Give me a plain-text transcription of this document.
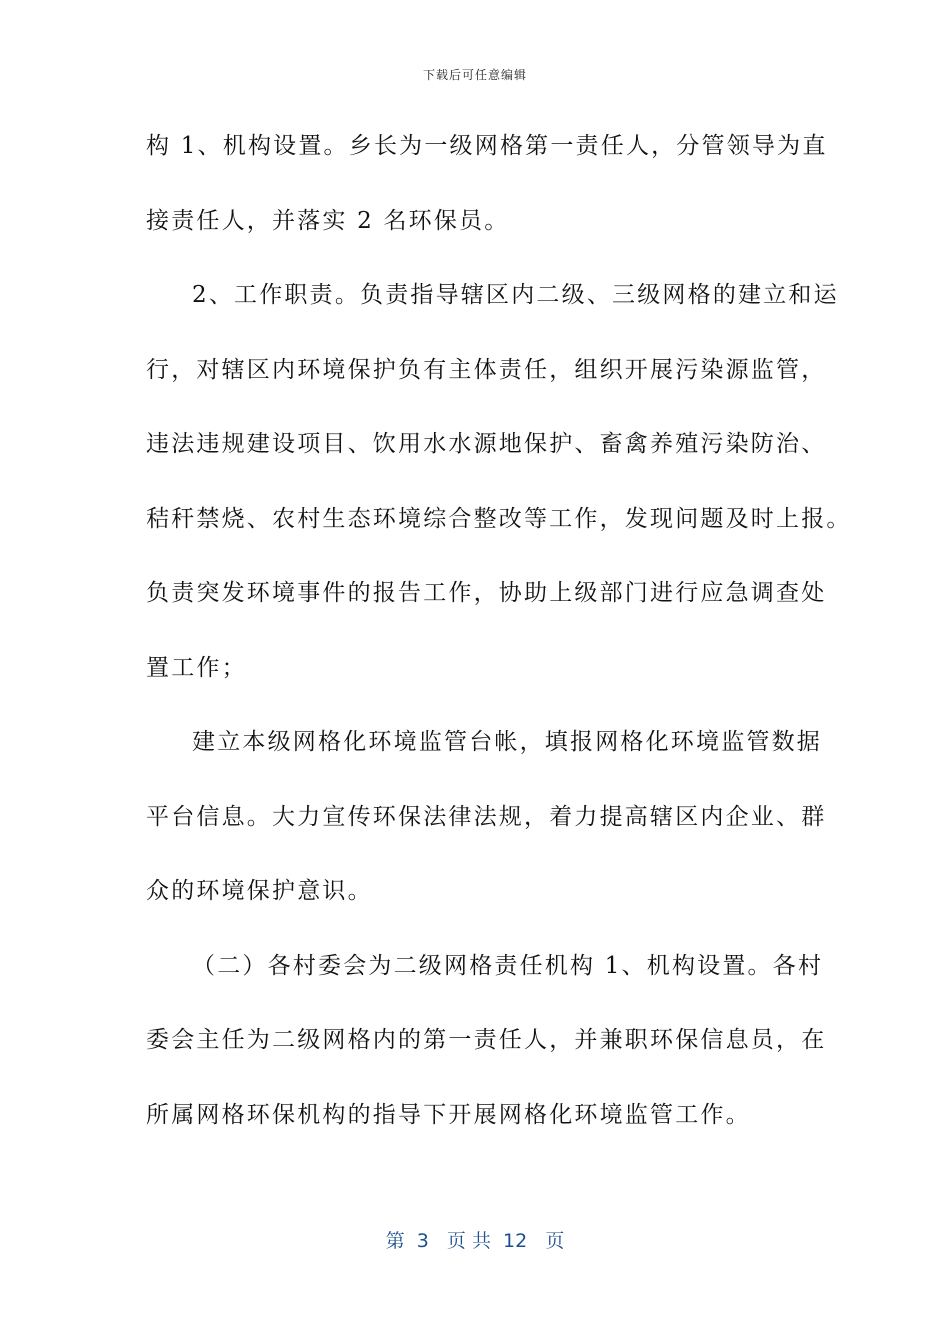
下载后可任意编辑
构 1、机构设置。乡长为一级网格第一责任人，分管领导为直
接责任人，并落实 2 名环保员。
2、工作职责。负责指导辖区内二级、三级网格的建立和运
行，对辖区内环境保护负有主体责任，组织开展污染源监管，
违法违规建设项目、饮用水水源地保护、畜禽养殖污染防治、
秸秆禁烧、农村生态环境综合整改等工作，发现问题及时上报。
负责突发环境事件的报告工作，协助上级部门进行应急调查处
置工作；
建立本级网格化环境监管台帐，填报网格化环境监管数据
平台信息。大力宣传环保法律法规，着力提高辖区内企业、群
众的环境保护意识。
（二）各村委会为二级网格责任机构 1、机构设置。各村
委会主任为二级网格内的第一责任人，并兼职环保信息员，在
所属网格环保机构的指导下开展网格化环境监管工作。
第  3   页 共  12   页
